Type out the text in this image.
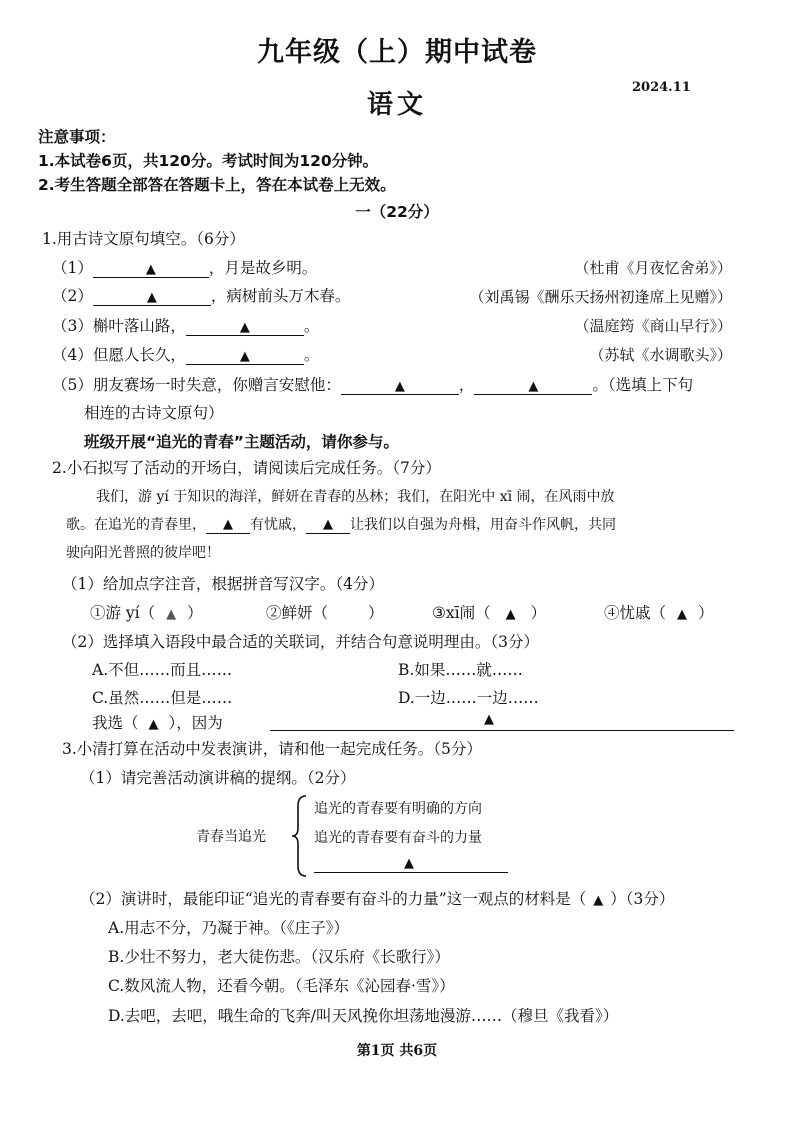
九年级（上）期中试卷
语文
2024.11
注意事项：
1.本试卷6页，共120分。考试时间为120分钟。
2.考生答题全部答在答题卡上，答在本试卷上无效。
一（22分）
1.用古诗文原句填空。（6分）
（1）	▲	，月是故乡明。	（杜甫《月夜忆舍弟》）
（2）	▲	，病树前头万木春。	（刘禹锡《酬乐天扬州初逢席上见赠》）
（3）槲叶落山路，	▲	。	（温庭筠《商山早行》）
（4）但愿人长久，	▲	。	（苏轼《水调歌头》）
（5）朋友赛场一时失意，你赠言安慰他：	▲	，	▲	。（选填上下句
相连的古诗文原句）
班级开展“追光的青春”主题活动，请你参与。
2.小石拟写了活动的开场白，请阅读后完成任务。（7分）
我们，游 yí 于知识的海洋，鲜妍在青春的丛林；我们，在阳光中 xī 闹，在风雨中放
歌。在追光的青春里， ▲ 有忧戚， ▲ 让我们以自强为舟楫，用奋斗作风帆，共同
驶向阳光普照的彼岸吧！
（1）给加点字注音，根据拼音写汉字。（4分）
①游 yí（ ▲ ）	②鲜妍（	）	③xī闹（ ▲ ）	④忧戚（ ▲ ）
（2）选择填入语段中最合适的关联词，并结合句意说明理由。（3分）
A.不但……而且……	B.如果……就……
C.虽然……但是……	D.一边……一边……
我选（ ▲ ），因为	▲
3.小清打算在活动中发表演讲，请和他一起完成任务。（5分）
（1）请完善活动演讲稿的提纲。（2分）
青春当追光
追光的青春要有明确的方向
追光的青春要有奋斗的力量
▲
（2）演讲时，最能印证“追光的青春要有奋斗的力量”这一观点的材料是（ ▲ ）（3分）
A.用志不分，乃凝于神。（《庄子》）
B.少壮不努力，老大徒伤悲。（汉乐府《长歌行》）
C.数风流人物，还看今朝。（毛泽东《沁园春·雪》）
D.去吧，去吧，哦生命的飞奔/叫天风挽你坦荡地漫游……（穆旦《我看》）
第1页 共6页
